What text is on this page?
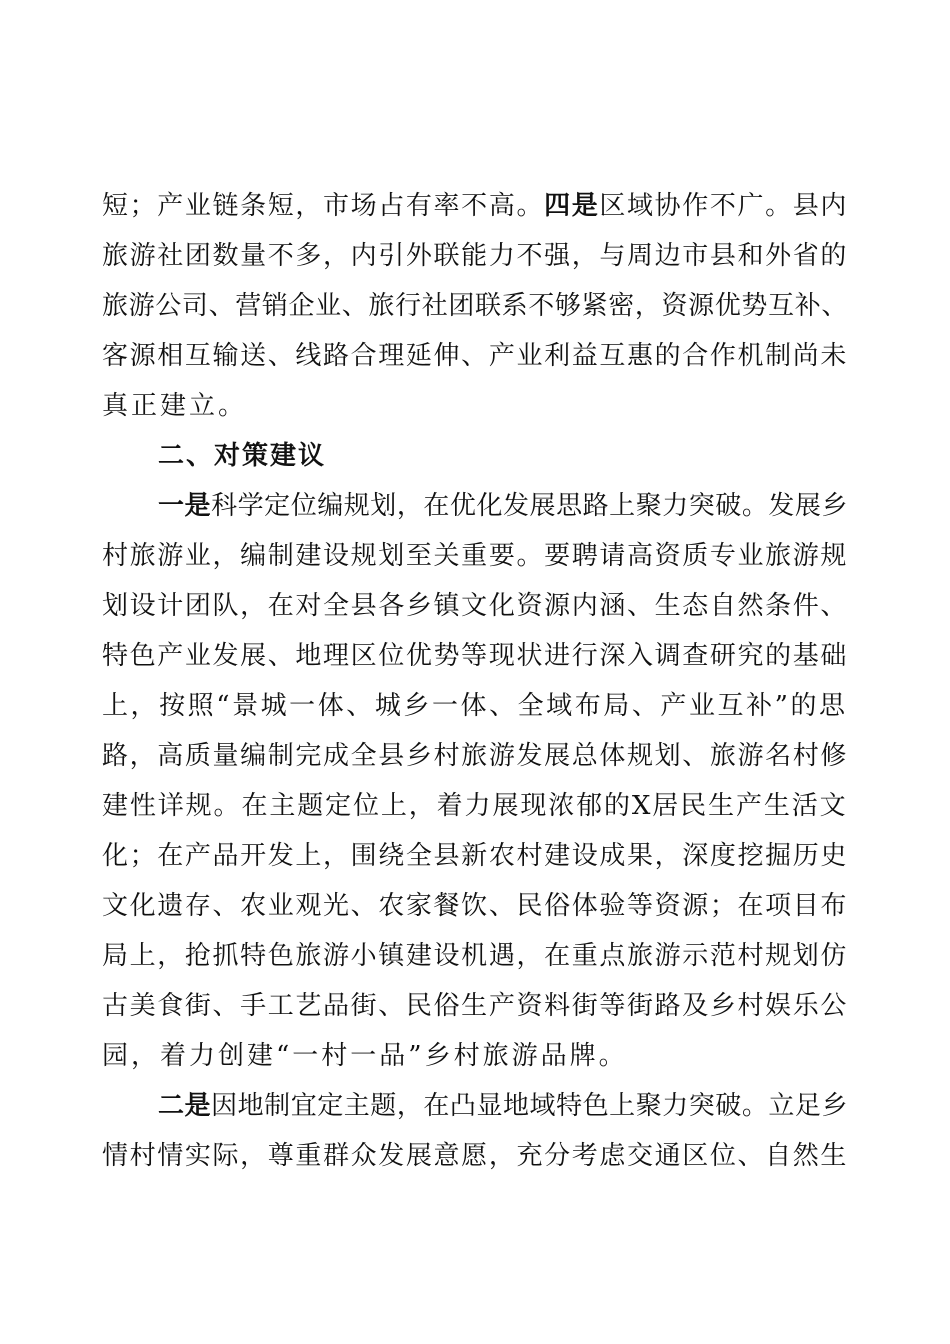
短；产业链条短，市场占有率不高。四是区域协作不广。县内
旅游社团数量不多，内引外联能力不强，与周边市县和外省的
旅游公司、营销企业、旅行社团联系不够紧密，资源优势互补、
客源相互输送、线路合理延伸、产业利益互惠的合作机制尚未
真正建立。
二、对策建议
一是科学定位编规划，在优化发展思路上聚力突破。发展乡
村旅游业，编制建设规划至关重要。要聘请高资质专业旅游规
划设计团队，在对全县各乡镇文化资源内涵、生态自然条件、
特色产业发展、地理区位优势等现状进行深入调查研究的基础
上，按照“景城一体、城乡一体、全域布局、产业互补”的思
路，高质量编制完成全县乡村旅游发展总体规划、旅游名村修
建性详规。在主题定位上，着力展现浓郁的X居民生产生活文
化；在产品开发上，围绕全县新农村建设成果，深度挖掘历史
文化遗存、农业观光、农家餐饮、民俗体验等资源；在项目布
局上，抢抓特色旅游小镇建设机遇，在重点旅游示范村规划仿
古美食街、手工艺品街、民俗生产资料街等街路及乡村娱乐公
园，着力创建“一村一品”乡村旅游品牌。
二是因地制宜定主题，在凸显地域特色上聚力突破。立足乡
情村情实际，尊重群众发展意愿，充分考虑交通区位、自然生
